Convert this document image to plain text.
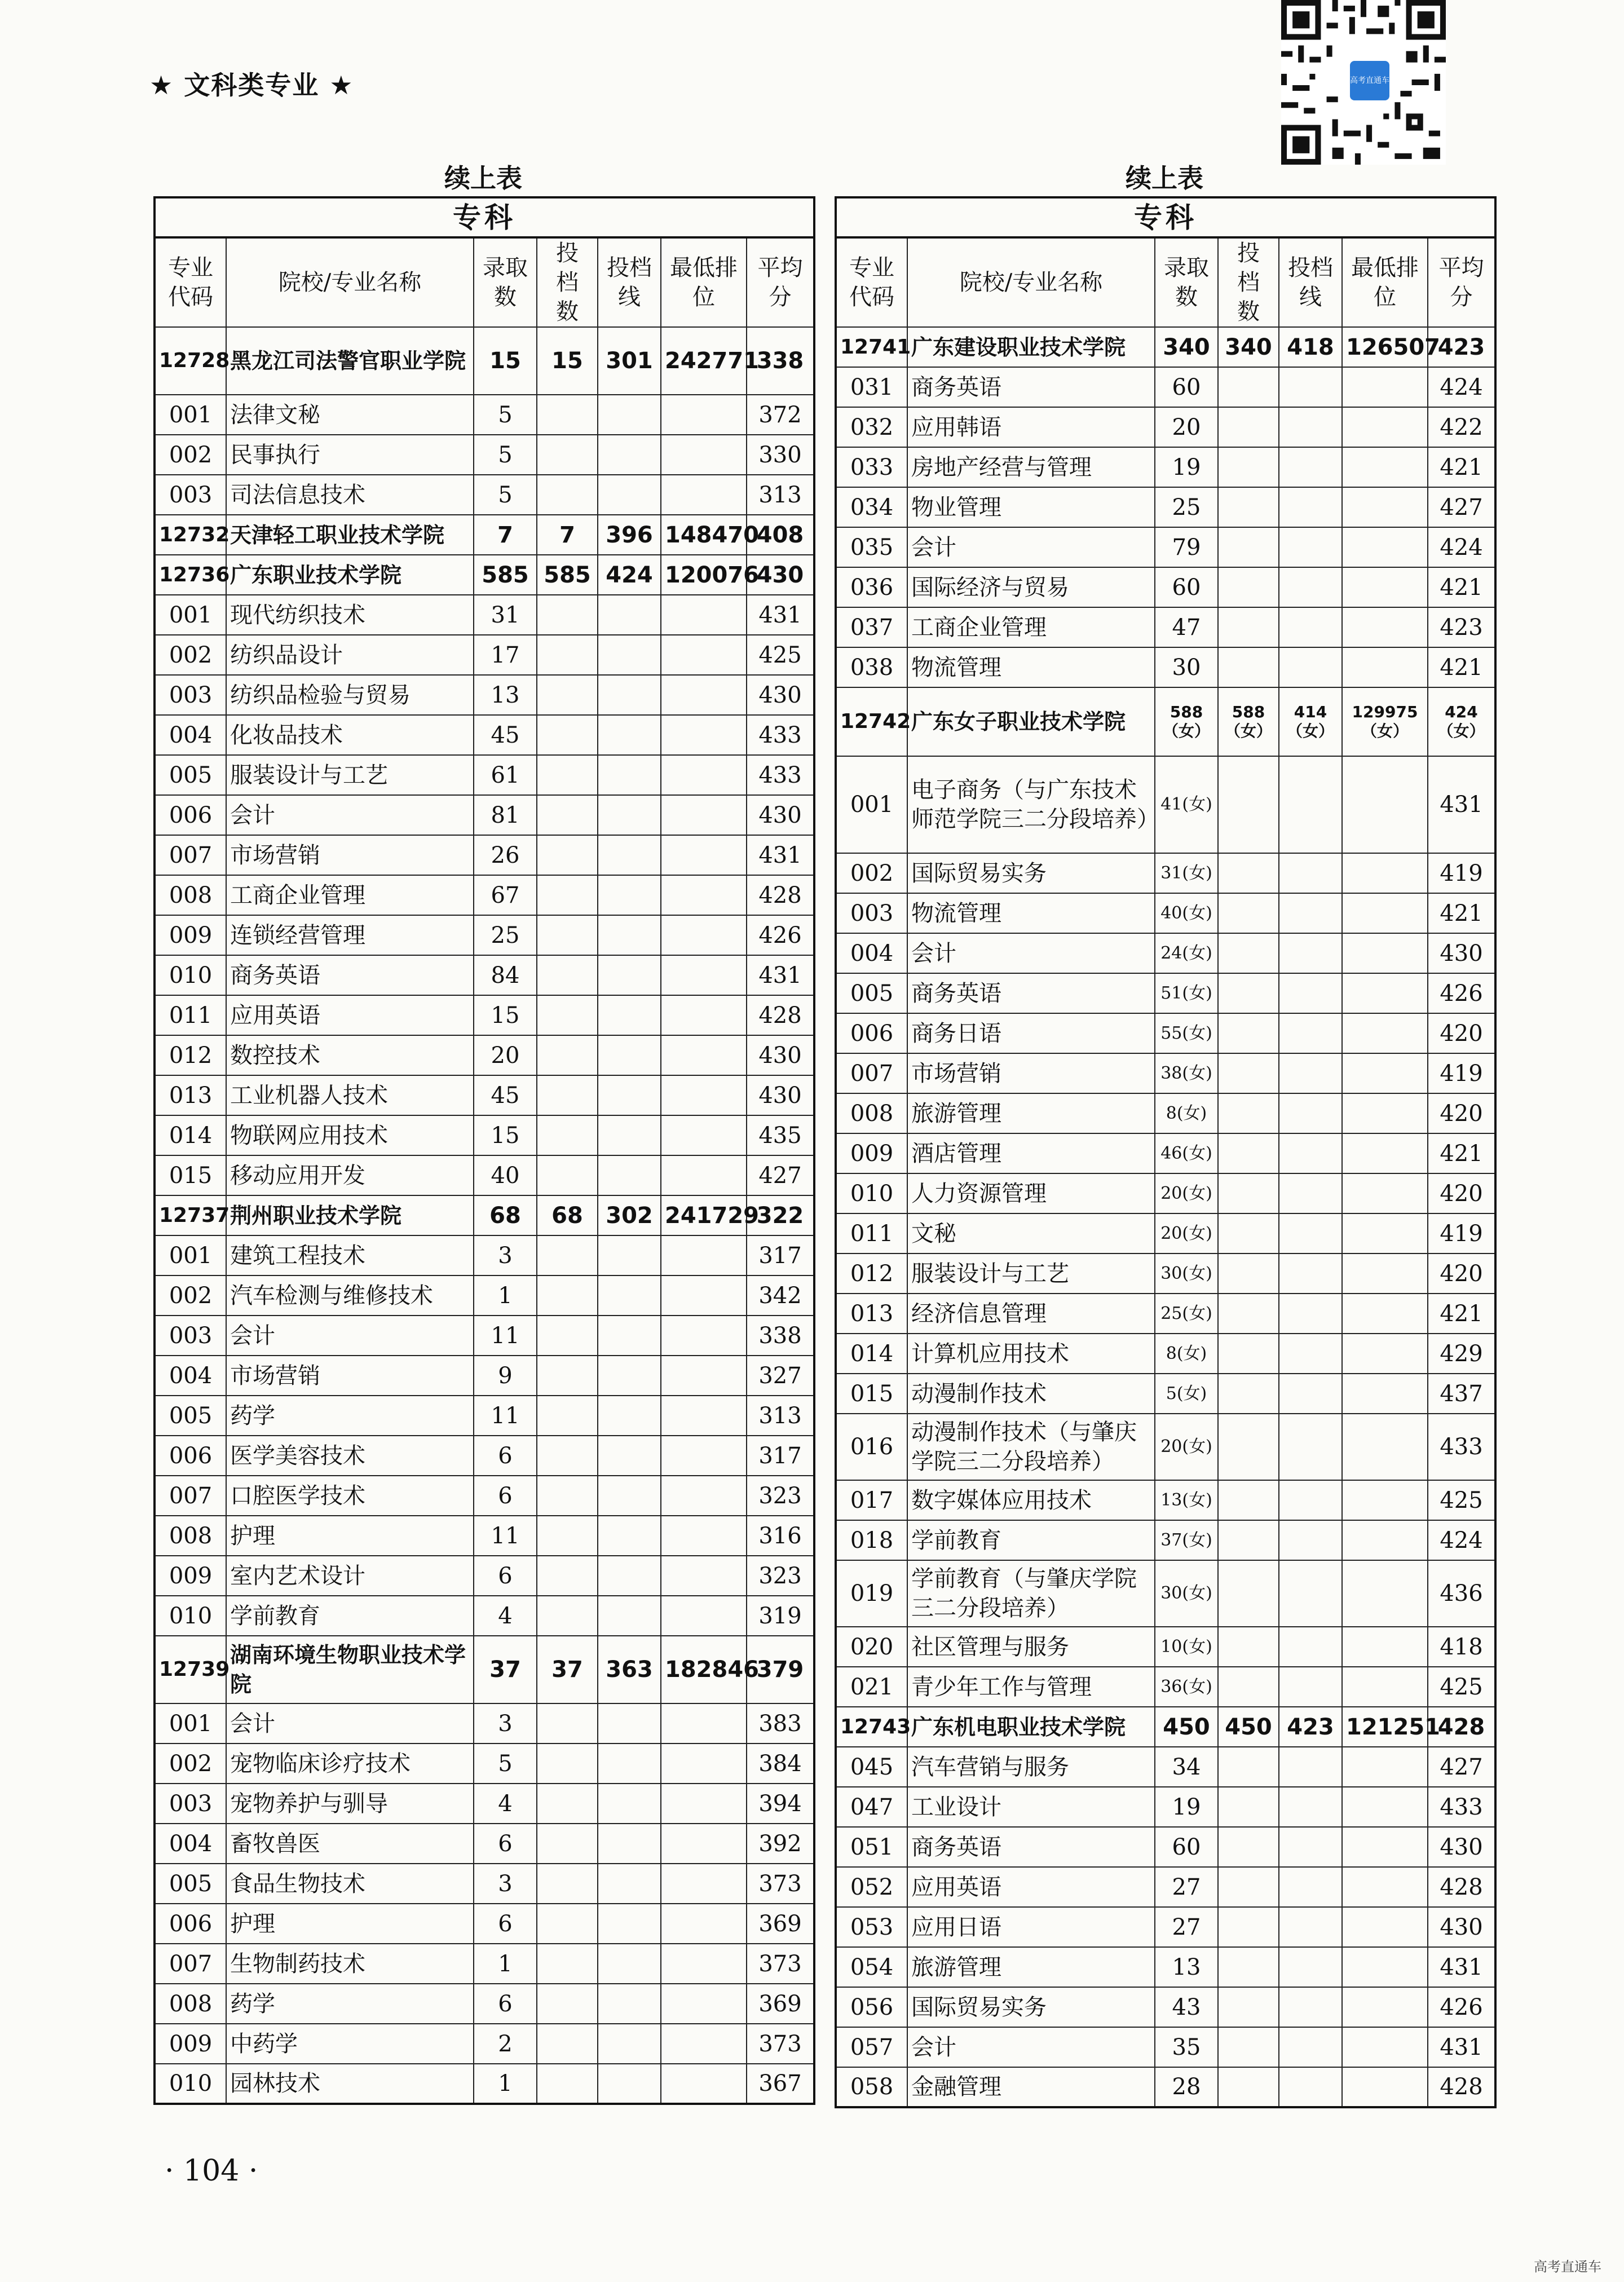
★ 文科类专业 ★	高考直通车
续上表	续上表
专科						
专业代码	院校/专业名称	录取数	投档数	投档线	最低排位	平均分
12728	黑龙江司法警官职业学院	15	15	301	242771	338
001	法律文秘	5				372
002	民事执行	5				330
003	司法信息技术	5				313
12732	天津轻工职业技术学院	7	7	396	148470	408
12736	广东职业技术学院	585	585	424	120076	430
001	现代纺织技术	31				431
002	纺织品设计	17				425
003	纺织品检验与贸易	13				430
004	化妆品技术	45				433
005	服装设计与工艺	61				433
006	会计	81				430
007	市场营销	26				431
008	工商企业管理	67				428
009	连锁经营管理	25				426
010	商务英语	84				431
011	应用英语	15				428
012	数控技术	20				430
013	工业机器人技术	45				430
014	物联网应用技术	15				435
015	移动应用开发	40				427
12737	荆州职业技术学院	68	68	302	241729	322
001	建筑工程技术	3				317
002	汽车检测与维修技术	1				342
003	会计	11				338
004	市场营销	9				327
005	药学	11				313
006	医学美容技术	6				317
007	口腔医学技术	6				323
008	护理	11				316
009	室内艺术设计	6				323
010	学前教育	4				319
12739	湖南环境生物职业技术学院	37	37	363	182846	379
001	会计	3				383
002	宠物临床诊疗技术	5				384
003	宠物养护与驯导	4				394
004	畜牧兽医	6				392
005	食品生物技术	3				373
006	护理	6				369
007	生物制药技术	1				373
008	药学	6				369
009	中药学	2				373
010	园林技术	1				367
专科						
专业代码	院校/专业名称	录取数	投档数	投档线	最低排位	平均分
12741	广东建设职业技术学院	340	340	418	126507	423
031	商务英语	60				424
032	应用韩语	20				422
033	房地产经营与管理	19				421
034	物业管理	25				427
035	会计	79				424
036	国际经济与贸易	60				421
037	工商企业管理	47				423
038	物流管理	30				421
12742	广东女子职业技术学院	588（女）	588（女）	414（女）	129975（女）	424（女）
001	电子商务（与广东技术师范学院三二分段培养）	41(女)				431
002	国际贸易实务	31(女)				419
003	物流管理	40(女)				421
004	会计	24(女)				430
005	商务英语	51(女)				426
006	商务日语	55(女)				420
007	市场营销	38(女)				419
008	旅游管理	8(女)				420
009	酒店管理	46(女)				421
010	人力资源管理	20(女)				420
011	文秘	20(女)				419
012	服装设计与工艺	30(女)				420
013	经济信息管理	25(女)				421
014	计算机应用技术	8(女)				429
015	动漫制作技术	5(女)				437
016	动漫制作技术（与肇庆学院三二分段培养）	20(女)				433
017	数字媒体应用技术	13(女)				425
018	学前教育	37(女)				424
019	学前教育（与肇庆学院三二分段培养）	30(女)				436
020	社区管理与服务	10(女)				418
021	青少年工作与管理	36(女)				425
12743	广东机电职业技术学院	450	450	423	121251	428
045	汽车营销与服务	34				427
047	工业设计	19				433
051	商务英语	60				430
052	应用英语	27				428
053	应用日语	27				430
054	旅游管理	13				431
056	国际贸易实务	43				426
057	会计	35				431
058	金融管理	28				428
· 104 ·
高考直通车
